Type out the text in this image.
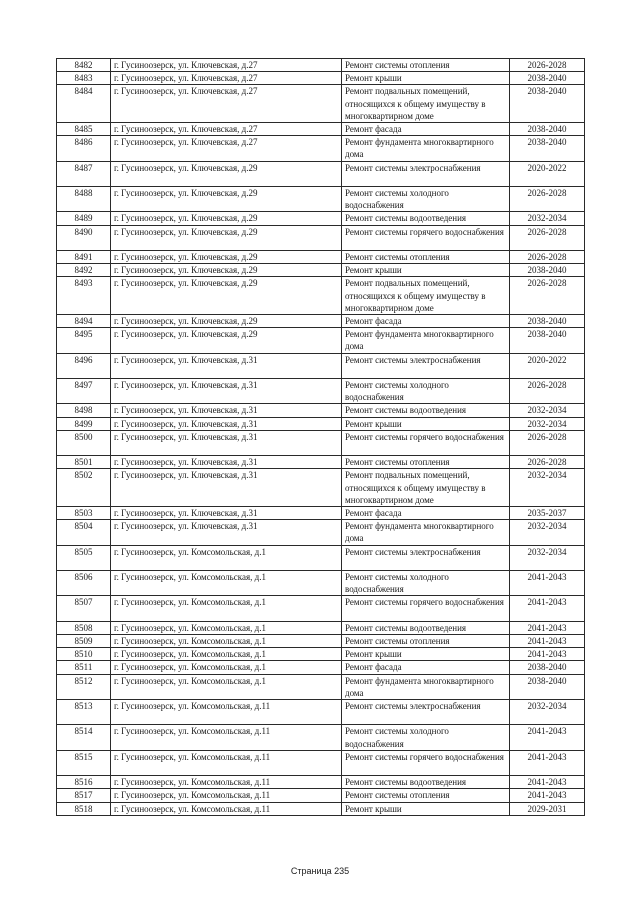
8482	г. Гусиноозерск, ул. Ключевская, д.27	Ремонт системы отопления	2026-2028
8483	г. Гусиноозерск, ул. Ключевская, д.27	Ремонт крыши	2038-2040
8484	г. Гусиноозерск, ул. Ключевская, д.27	Ремонт подвальных помещений, относящихся к общему имуществу в многоквартирном доме	2038-2040
8485	г. Гусиноозерск, ул. Ключевская, д.27	Ремонт фасада	2038-2040
8486	г. Гусиноозерск, ул. Ключевская, д.27	Ремонт фундамента многоквартирного дома	2038-2040
8487	г. Гусиноозерск, ул. Ключевская, д.29	Ремонт системы электроснабжения	2020-2022
8488	г. Гусиноозерск, ул. Ключевская, д.29	Ремонт системы холодного водоснабжения	2026-2028
8489	г. Гусиноозерск, ул. Ключевская, д.29	Ремонт системы водоотведения	2032-2034
8490	г. Гусиноозерск, ул. Ключевская, д.29	Ремонт системы горячего водоснабжения	2026-2028
8491	г. Гусиноозерск, ул. Ключевская, д.29	Ремонт системы отопления	2026-2028
8492	г. Гусиноозерск, ул. Ключевская, д.29	Ремонт крыши	2038-2040
8493	г. Гусиноозерск, ул. Ключевская, д.29	Ремонт подвальных помещений, относящихся к общему имуществу в многоквартирном доме	2026-2028
8494	г. Гусиноозерск, ул. Ключевская, д.29	Ремонт фасада	2038-2040
8495	г. Гусиноозерск, ул. Ключевская, д.29	Ремонт фундамента многоквартирного дома	2038-2040
8496	г. Гусиноозерск, ул. Ключевская, д.31	Ремонт системы электроснабжения	2020-2022
8497	г. Гусиноозерск, ул. Ключевская, д.31	Ремонт системы холодного водоснабжения	2026-2028
8498	г. Гусиноозерск, ул. Ключевская, д.31	Ремонт системы водоотведения	2032-2034
8499	г. Гусиноозерск, ул. Ключевская, д.31	Ремонт крыши	2032-2034
8500	г. Гусиноозерск, ул. Ключевская, д.31	Ремонт системы горячего водоснабжения	2026-2028
8501	г. Гусиноозерск, ул. Ключевская, д.31	Ремонт системы отопления	2026-2028
8502	г. Гусиноозерск, ул. Ключевская, д.31	Ремонт подвальных помещений, относящихся к общему имуществу в многоквартирном доме	2032-2034
8503	г. Гусиноозерск, ул. Ключевская, д.31	Ремонт фасада	2035-2037
8504	г. Гусиноозерск, ул. Ключевская, д.31	Ремонт фундамента многоквартирного дома	2032-2034
8505	г. Гусиноозерск, ул. Комсомольская, д.1	Ремонт системы электроснабжения	2032-2034
8506	г. Гусиноозерск, ул. Комсомольская, д.1	Ремонт системы холодного водоснабжения	2041-2043
8507	г. Гусиноозерск, ул. Комсомольская, д.1	Ремонт системы горячего водоснабжения	2041-2043
8508	г. Гусиноозерск, ул. Комсомольская, д.1	Ремонт системы водоотведения	2041-2043
8509	г. Гусиноозерск, ул. Комсомольская, д.1	Ремонт системы отопления	2041-2043
8510	г. Гусиноозерск, ул. Комсомольская, д.1	Ремонт крыши	2041-2043
8511	г. Гусиноозерск, ул. Комсомольская, д.1	Ремонт фасада	2038-2040
8512	г. Гусиноозерск, ул. Комсомольская, д.1	Ремонт фундамента многоквартирного дома	2038-2040
8513	г. Гусиноозерск, ул. Комсомольская, д.11	Ремонт системы электроснабжения	2032-2034
8514	г. Гусиноозерск, ул. Комсомольская, д.11	Ремонт системы холодного водоснабжения	2041-2043
8515	г. Гусиноозерск, ул. Комсомольская, д.11	Ремонт системы горячего водоснабжения	2041-2043
8516	г. Гусиноозерск, ул. Комсомольская, д.11	Ремонт системы водоотведения	2041-2043
8517	г. Гусиноозерск, ул. Комсомольская, д.11	Ремонт системы отопления	2041-2043
8518	г. Гусиноозерск, ул. Комсомольская, д.11	Ремонт крыши	2029-2031
Страница 235
